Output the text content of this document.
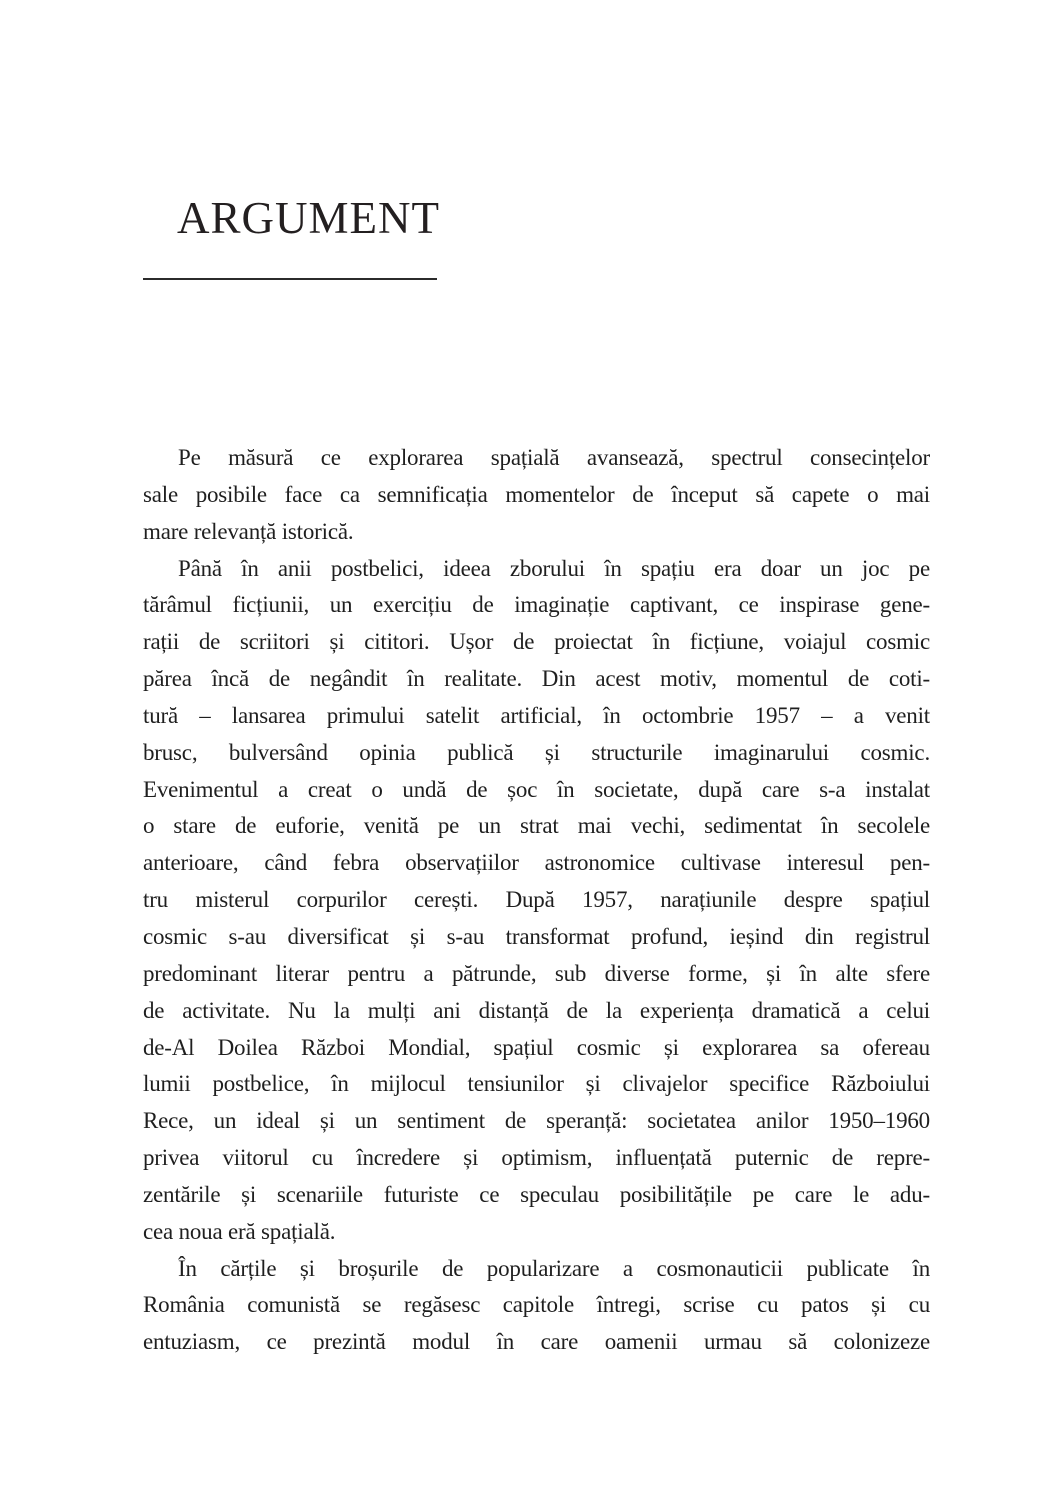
ARGUMENT
Pe măsură ce explorarea spațială avansează, spectrul consecințelor
sale posibile face ca semnificația momentelor de început să capete o mai
mare relevanță istorică.
Până în anii postbelici, ideea zborului în spațiu era doar un joc pe
tărâmul ficțiunii, un exercițiu de imaginație captivant, ce inspirase gene-
rații de scriitori și cititori. Ușor de proiectat în ficțiune, voiajul cosmic
părea încă de negândit în realitate. Din acest motiv, momentul de coti-
tură – lansarea primului satelit artificial, în octombrie 1957 – a venit
brusc, bulversând opinia publică și structurile imaginarului cosmic.
Evenimentul a creat o undă de șoc în societate, după care s-a instalat
o stare de euforie, venită pe un strat mai vechi, sedimentat în secolele
anterioare, când febra observațiilor astronomice cultivase interesul pen-
tru misterul corpurilor cerești. După 1957, narațiunile despre spațiul
cosmic s-au diversificat și s-au transformat profund, ieșind din registrul
predominant literar pentru a pătrunde, sub diverse forme, și în alte sfere
de activitate. Nu la mulți ani distanță de la experiența dramatică a celui
de-Al Doilea Război Mondial, spațiul cosmic și explorarea sa ofereau
lumii postbelice, în mijlocul tensiunilor și clivajelor specifice Războiului
Rece, un ideal și un sentiment de speranță: societatea anilor 1950–1960
privea viitorul cu încredere și optimism, influențată puternic de repre-
zentările și scenariile futuriste ce speculau posibilitățile pe care le adu-
cea noua eră spațială.
În cărțile și broșurile de popularizare a cosmonauticii publicate în
România comunistă se regăsesc capitole întregi, scrise cu patos și cu
entuziasm, ce prezintă modul în care oamenii urmau să colonizeze
